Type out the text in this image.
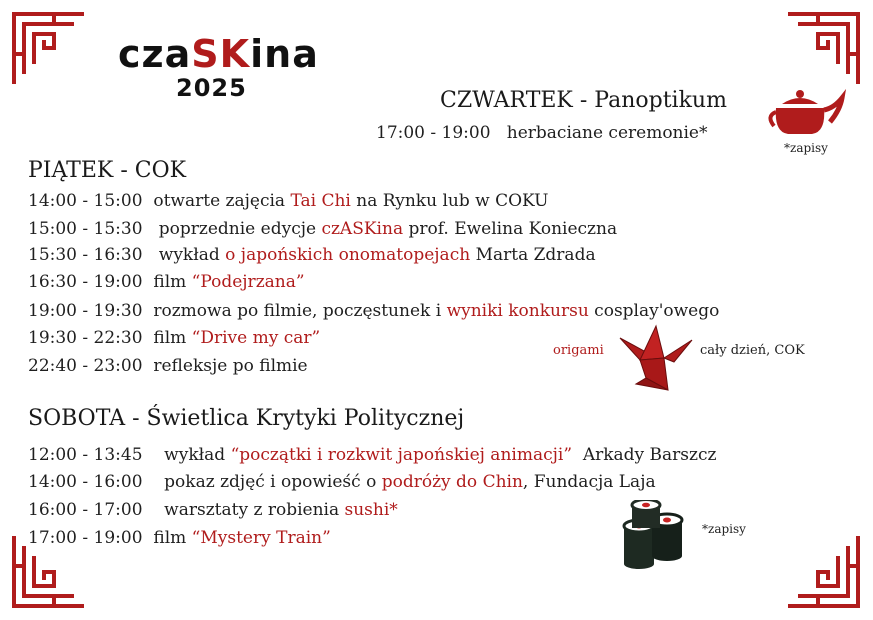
czaSKina
2025	CZWARTEK - Panoptikum
17:00 - 19:00 herbaciane ceremonie*
*zapisy
PIĄTEK - COK
14:00 - 15:00 otwarte zajęcia Tai Chi na Rynku lub w COKU
15:00 - 15:30 poprzednie edycje czASKina prof. Ewelina Konieczna
15:30 - 16:30 wykład o japońskich onomatopejach Marta Zdrada
16:30 - 19:00 film “Podejrzana”
19:00 - 19:30 rozmowa po filmie, poczęstunek i wyniki konkursu cosplay'owego
19:30 - 22:30 film “Drive my car”
22:40 - 23:00 refleksje po filmie
origami	cały dzień, COK
SOBOTA - Świetlica Krytyki Politycznej
12:00 - 13:45 wykład “początki i rozkwit japońskiej animacji”  Arkady Barszcz
14:00 - 16:00 pokaz zdjęć i opowieść o podróży do Chin, Fundacja Laja
16:00 - 17:00 warsztaty z robienia sushi*
17:00 - 19:00 film “Mystery Train”	*zapisy
